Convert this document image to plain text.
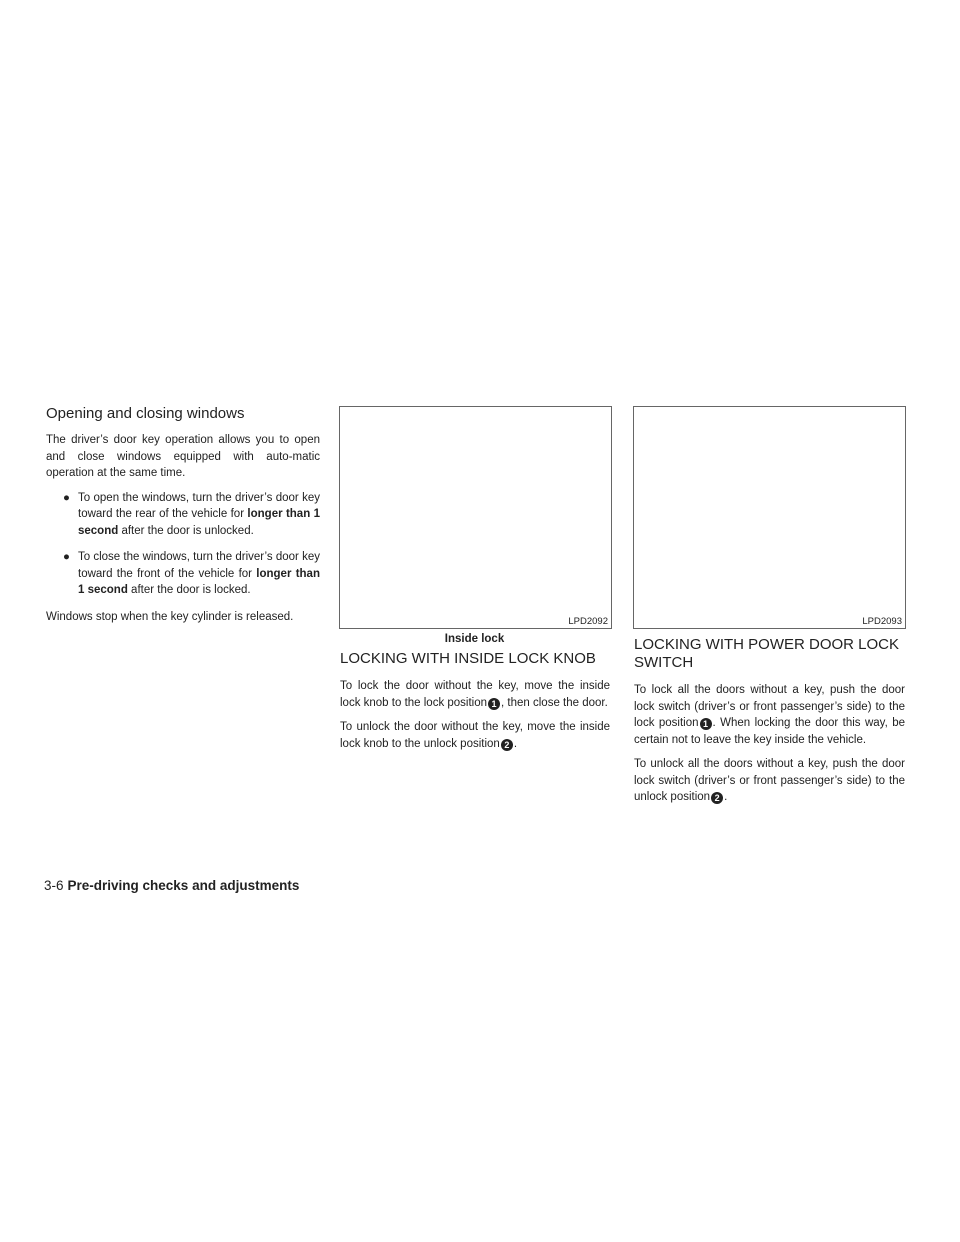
Opening and closing windows

The driver’s door key operation allows you to open and close windows equipped with auto-matic operation at the same time.

● To open the windows, turn the driver’s door key toward the rear of the vehicle for longer than 1 second after the door is unlocked.
● To close the windows, turn the driver’s door key toward the front of the vehicle for longer than 1 second after the door is locked.

Windows stop when the key cylinder is released.	LPD2092
Inside lock
LOCKING WITH INSIDE LOCK KNOB

To lock the door without the key, move the inside lock knob to the lock position 1 , then close the door.

To unlock the door without the key, move the inside lock knob to the unlock position 2 .

LPD2093
LOCKING WITH POWER DOOR LOCK SWITCH

To lock all the doors without a key, push the door lock switch (driver’s or front passenger’s side) to the lock position 1 . When locking the door this way, be certain not to leave the key inside the vehicle.

To unlock all the doors without a key, push the door lock switch (driver’s or front passenger’s side) to the unlock position 2 .

3-6 Pre-driving checks and adjustments
